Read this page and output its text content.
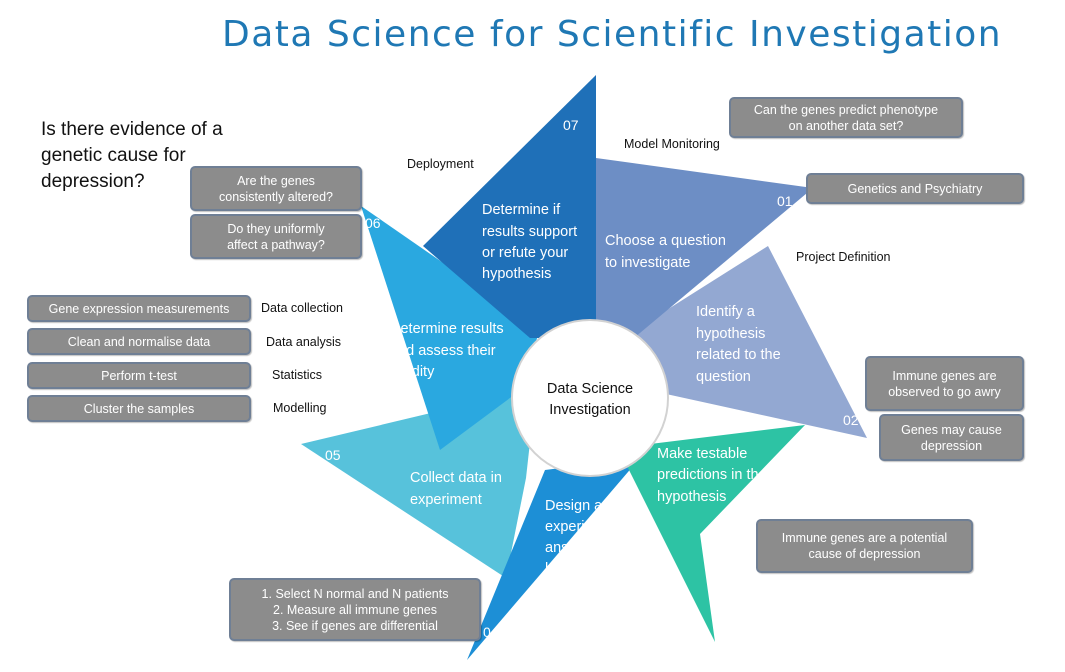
Data Science
Investigation
01
02
03
04
05
06
07
Choose a question to investigate
Identify a hypothesis related to the question
Make testable predictions in the hypothesis
Design an experiment to answer hypothesis question
Collect data in experiment
Determine results and assess their validity
Determine if results support or refute your hypothesis
Data Science for Scientific Investigation
Is there evidence of a
genetic cause for
depression?
Deployment
Model Monitoring
Project Definition
Data collection
Data analysis
Statistics
Modelling
Can the genes predict phenotype
on another data set?
Genetics and Psychiatry
Immune genes are
observed to go awry
Genes may cause
depression
Immune genes are a potential
cause of depression
1. Select N normal and N patients
2. Measure all immune genes
3. See if genes are differential
Are the genes
consistently altered?
Do they uniformly
affect a pathway?
Gene expression measurements
Clean and normalise data
Perform t-test
Cluster the samples
